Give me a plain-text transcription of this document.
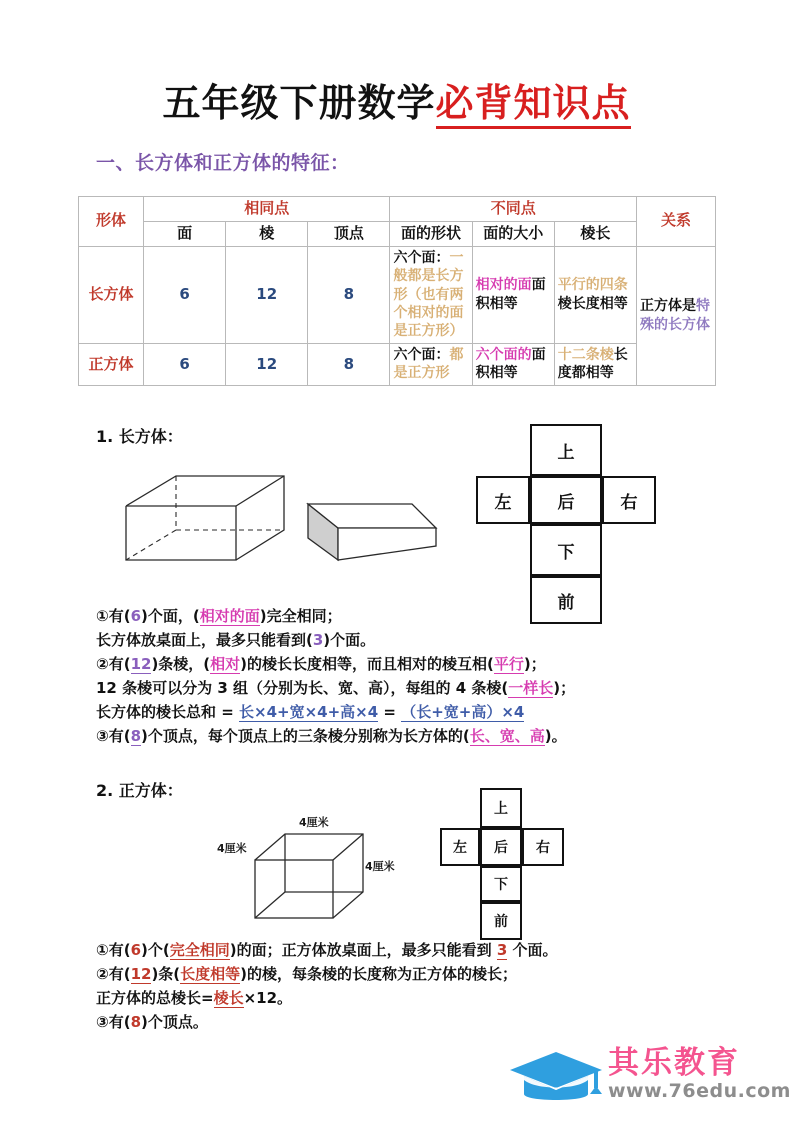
五年级下册数学必背知识点
一、长方体和正方体的特征：
形体	相同点			不同点			关系
	面	棱	顶点	面的形状	面的大小	棱长	
长方体	6	12	8	六个面：一般都是长方形（也有两个相对的面是正方形）	相对的面面积相等	平行的四条棱长度相等	正方体是特殊的长方体
正方体	6	12	8	六个面：都是正方形	六个面的面积相等	十二条棱长度都相等	
1. 长方体：
上
左	后	右
下
前
①有(6)个面，(相对的面)完全相同；
长方体放桌面上，最多只能看到(3)个面。
②有(12)条棱，(相对)的棱长长度相等，而且相对的棱互相(平行)；
12 条棱可以分为 3 组（分别为长、宽、高），每组的 4 条棱(一样长)；
长方体的棱长总和 = 长×4+宽×4+高×4 = （长+宽+高）×4
③有(8)个顶点，每个顶点上的三条棱分别称为长方体的(长、宽、高)。
2. 正方体：
4厘米
4厘米
4厘米
上
左	后	右
下
前
①有(6)个(完全相同)的面；正方体放桌面上，最多只能看到 3 个面。
②有(12)条(长度相等)的棱，每条棱的长度称为正方体的棱长；
正方体的总棱长=棱长×12。
③有(8)个顶点。
其乐教育
www.76edu.com
